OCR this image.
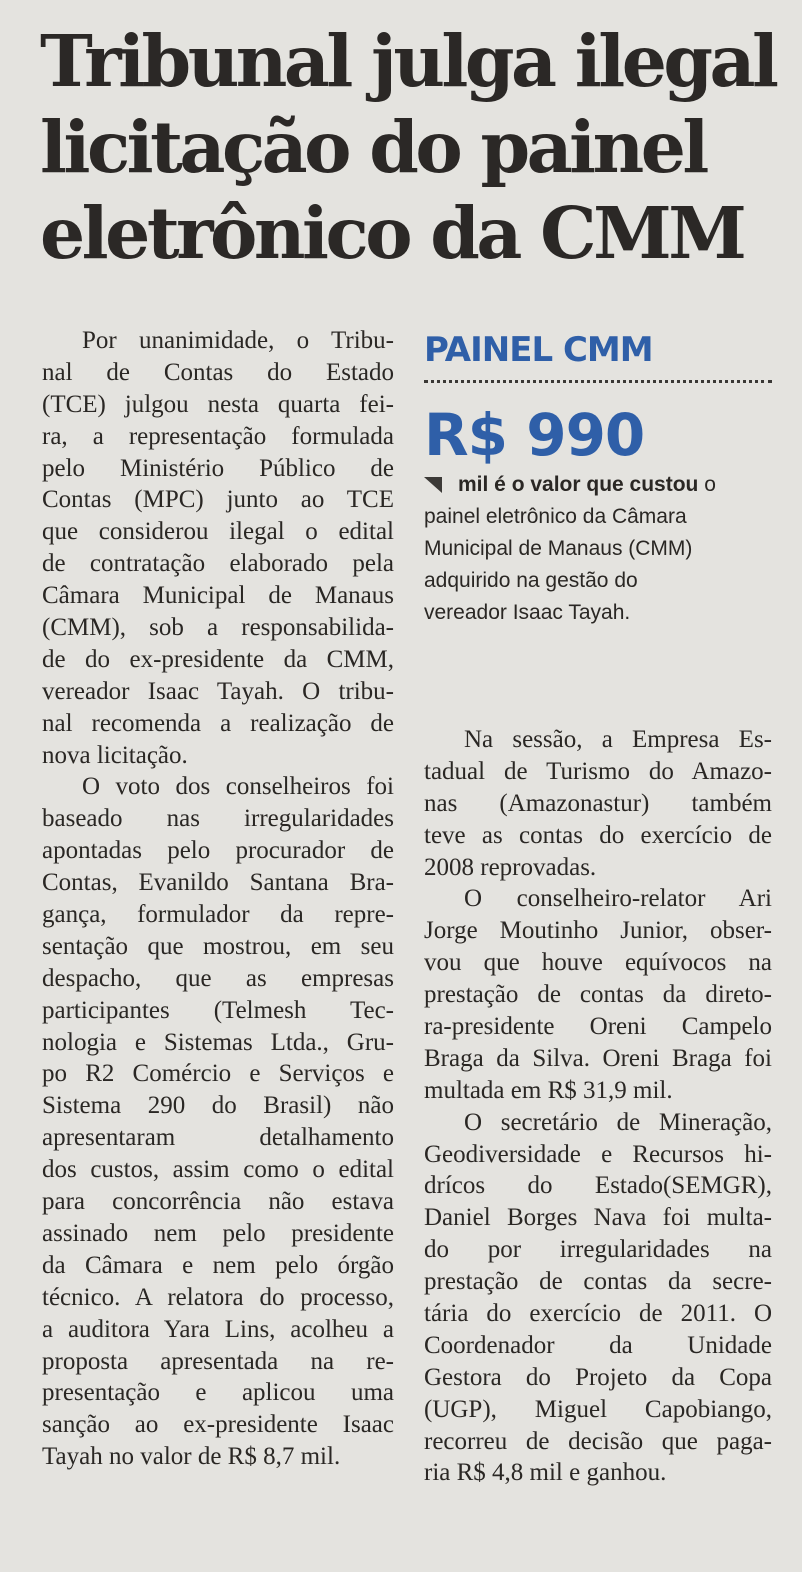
Tribunal julga ilegal
licitação do painel
eletrônico da CMM
Por unanimidade, o Tribu-
nal de Contas do Estado
(TCE) julgou nesta quarta fei-
ra, a representação formulada
pelo Ministério Público de
Contas (MPC) junto ao TCE
que considerou ilegal o edital
de contratação elaborado pela
Câmara Municipal de Manaus
(CMM), sob a responsabilida-
de do ex-presidente da CMM,
vereador Isaac Tayah. O tribu-
nal recomenda a realização de
nova licitação.
O voto dos conselheiros foi
baseado nas irregularidades
apontadas pelo procurador de
Contas, Evanildo Santana Bra-
gança, formulador da repre-
sentação que mostrou, em seu
despacho, que as empresas
participantes (Telmesh Tec-
nologia e Sistemas Ltda., Gru-
po R2 Comércio e Serviços e
Sistema 290 do Brasil) não
apresentaram detalhamento
dos custos, assim como o edital
para concorrência não estava
assinado nem pelo presidente
da Câmara e nem pelo órgão
técnico. A relatora do processo,
a auditora Yara Lins, acolheu a
proposta apresentada na re-
presentação e aplicou uma
sanção ao ex-presidente Isaac
Tayah no valor de R$ 8,7 mil.
PAINEL CMM
R$ 990
mil é o valor que custou o
painel eletrônico da Câmara
Municipal de Manaus (CMM)
adquirido na gestão do
vereador Isaac Tayah.
Na sessão, a Empresa Es-
tadual de Turismo do Amazo-
nas (Amazonastur) também
teve as contas do exercício de
2008 reprovadas.
O conselheiro-relator Ari
Jorge Moutinho Junior, obser-
vou que houve equívocos na
prestação de contas da direto-
ra-presidente Oreni Campelo
Braga da Silva. Oreni Braga foi
multada em R$ 31,9 mil.
O secretário de Mineração,
Geodiversidade e Recursos hi-
drícos do Estado(SEMGR),
Daniel Borges Nava foi multa-
do por irregularidades na
prestação de contas da secre-
tária do exercício de 2011. O
Coordenador da Unidade
Gestora do Projeto da Copa
(UGP), Miguel Capobiango,
recorreu de decisão que paga-
ria R$ 4,8 mil e ganhou.
